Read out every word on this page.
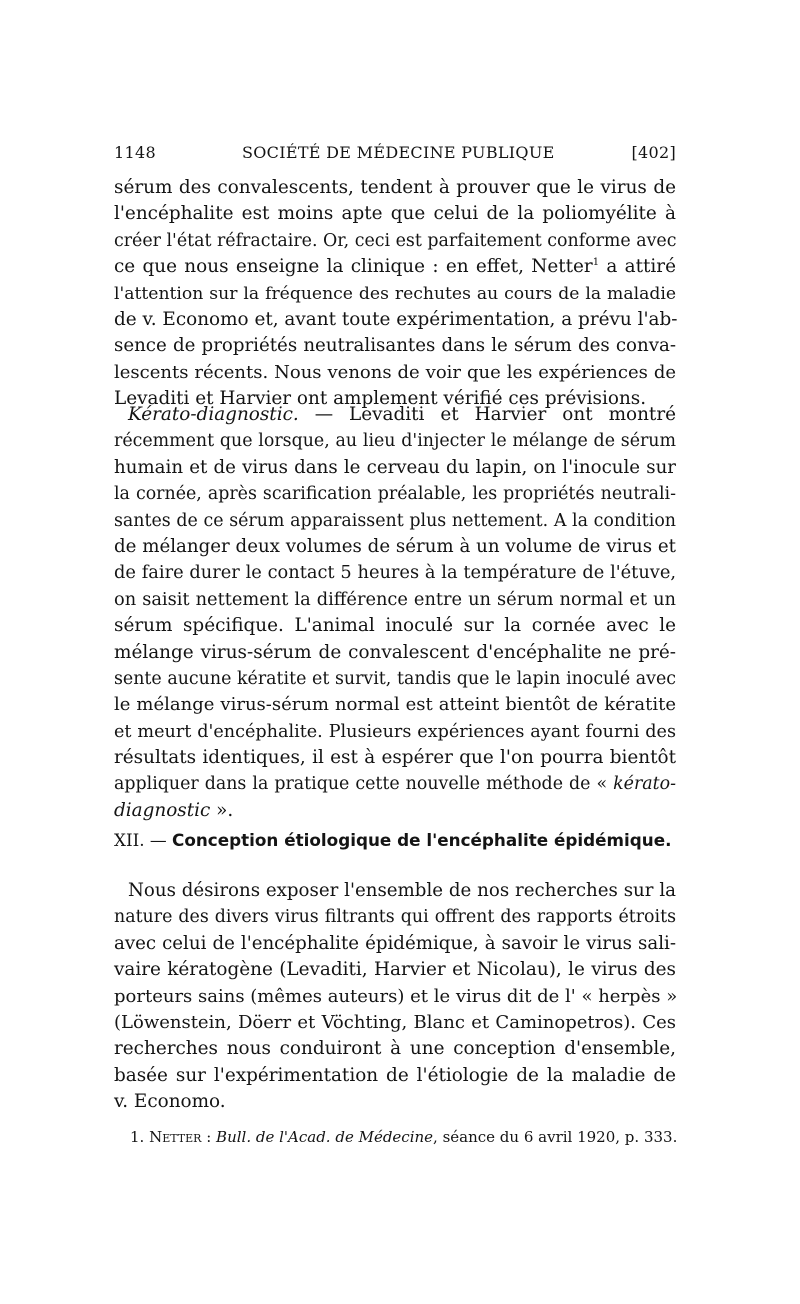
1148	SOCIÉTÉ DE MÉDECINE PUBLIQUE	[402]
sérum des convalescents, tendent à prouver que le virus de
l'encéphalite est moins apte que celui de la poliomyélite à
créer l'état réfractaire. Or, ceci est parfaitement conforme avec
ce que nous enseigne la clinique : en effet, Netter$^1$ a attiré
l'attention sur la fréquence des rechutes au cours de la maladie
de v. Economo et, avant toute expérimentation, a prévu l'ab-
sence de propriétés neutralisantes dans le sérum des conva-
lescents récents. Nous venons de voir que les expériences de
Levaditi et Harvier ont amplement vérifié ces prévisions.
Kérato-diagnostic. — Levaditi et Harvier ont montré
récemment que lorsque, au lieu d'injecter le mélange de sérum
humain et de virus dans le cerveau du lapin, on l'inocule sur
la cornée, après scarification préalable, les propriétés neutrali-
santes de ce sérum apparaissent plus nettement. A la condition
de mélanger deux volumes de sérum à un volume de virus et
de faire durer le contact 5 heures à la température de l'étuve,
on saisit nettement la différence entre un sérum normal et un
sérum spécifique. L'animal inoculé sur la cornée avec le
mélange virus-sérum de convalescent d'encéphalite ne pré-
sente aucune kératite et survit, tandis que le lapin inoculé avec
le mélange virus-sérum normal est atteint bientôt de kératite
et meurt d'encéphalite. Plusieurs expériences ayant fourni des
résultats identiques, il est à espérer que l'on pourra bientôt
appliquer dans la pratique cette nouvelle méthode de « kérato-
diagnostic ».
XII. — Conception étiologique de l'encéphalite épidémique.
Nous désirons exposer l'ensemble de nos recherches sur la
nature des divers virus filtrants qui offrent des rapports étroits
avec celui de l'encéphalite épidémique, à savoir le virus sali-
vaire kératogène (Levaditi, Harvier et Nicolau), le virus des
porteurs sains (mêmes auteurs) et le virus dit de l' « herpès »
(Löwenstein, Döerr et Vöchting, Blanc et Caminopetros). Ces
recherches nous conduiront à une conception d'ensemble,
basée sur l'expérimentation de l'étiologie de la maladie de
v. Economo.
1. Netter : Bull. de l'Acad. de Médecine, séance du 6 avril 1920, p. 333.
